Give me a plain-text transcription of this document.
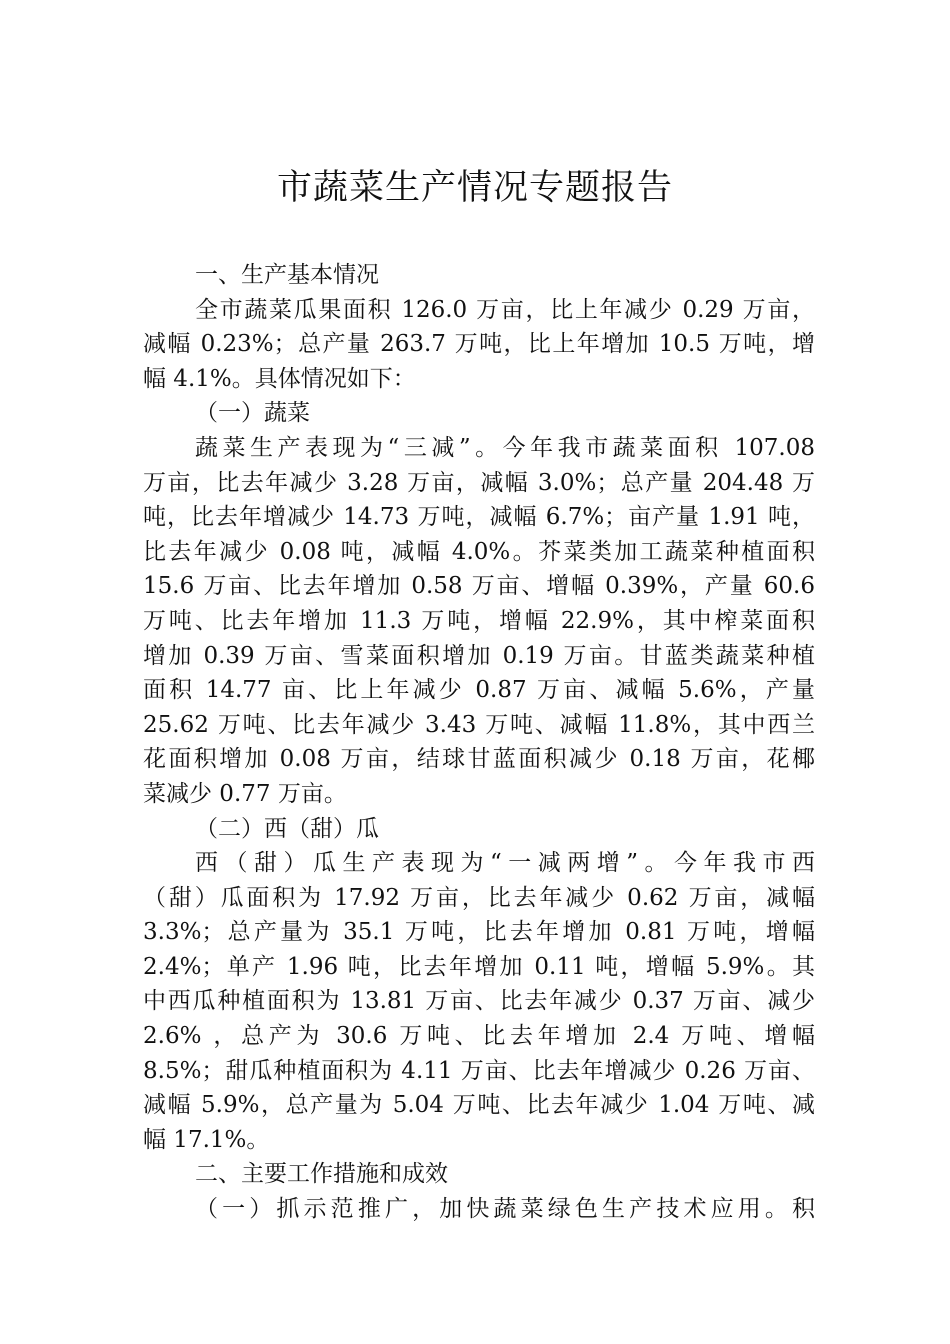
市蔬菜生产情况专题报告
一、生产基本情况
全市蔬菜瓜果面积 126.0 万亩，比上年减少 0.29 万亩，
减幅 0.23%；总产量 263.7 万吨，比上年增加 10.5 万吨，增
幅 4.1%。具体情况如下：
（一）蔬菜
蔬菜生产表现为“三减”。今年我市蔬菜面积 107.08
万亩，比去年减少 3.28 万亩，减幅 3.0%；总产量 204.48 万
吨，比去年增减少 14.73 万吨，减幅 6.7%；亩产量 1.91 吨，
比去年减少 0.08 吨，减幅 4.0%。芥菜类加工蔬菜种植面积
15.6 万亩、比去年增加 0.58 万亩、增幅 0.39%，产量 60.6
万吨、比去年增加 11.3 万吨，增幅 22.9%，其中榨菜面积
增加 0.39 万亩、雪菜面积增加 0.19 万亩。甘蓝类蔬菜种植
面积 14.77 亩、比上年减少 0.87 万亩、减幅 5.6%，产量
25.62 万吨、比去年减少 3.43 万吨、减幅 11.8%，其中西兰
花面积增加 0.08 万亩，结球甘蓝面积减少 0.18 万亩，花椰
菜减少 0.77 万亩。
（二）西（甜）瓜
西（甜）瓜生产表现为“一减两增”。今年我市西
（甜）瓜面积为 17.92 万亩，比去年减少 0.62 万亩，减幅
3.3%；总产量为 35.1 万吨，比去年增加 0.81 万吨，增幅
2.4%；单产 1.96 吨，比去年增加 0.11 吨，增幅 5.9%。其
中西瓜种植面积为 13.81 万亩、比去年减少 0.37 万亩、减少
2.6% ，总产为 30.6 万吨、比去年增加 2.4 万吨、增幅
8.5%；甜瓜种植面积为 4.11 万亩、比去年增减少 0.26 万亩、
减幅 5.9%，总产量为 5.04 万吨、比去年减少 1.04 万吨、减
幅 17.1%。
二、主要工作措施和成效
（一）抓示范推广，加快蔬菜绿色生产技术应用。积
